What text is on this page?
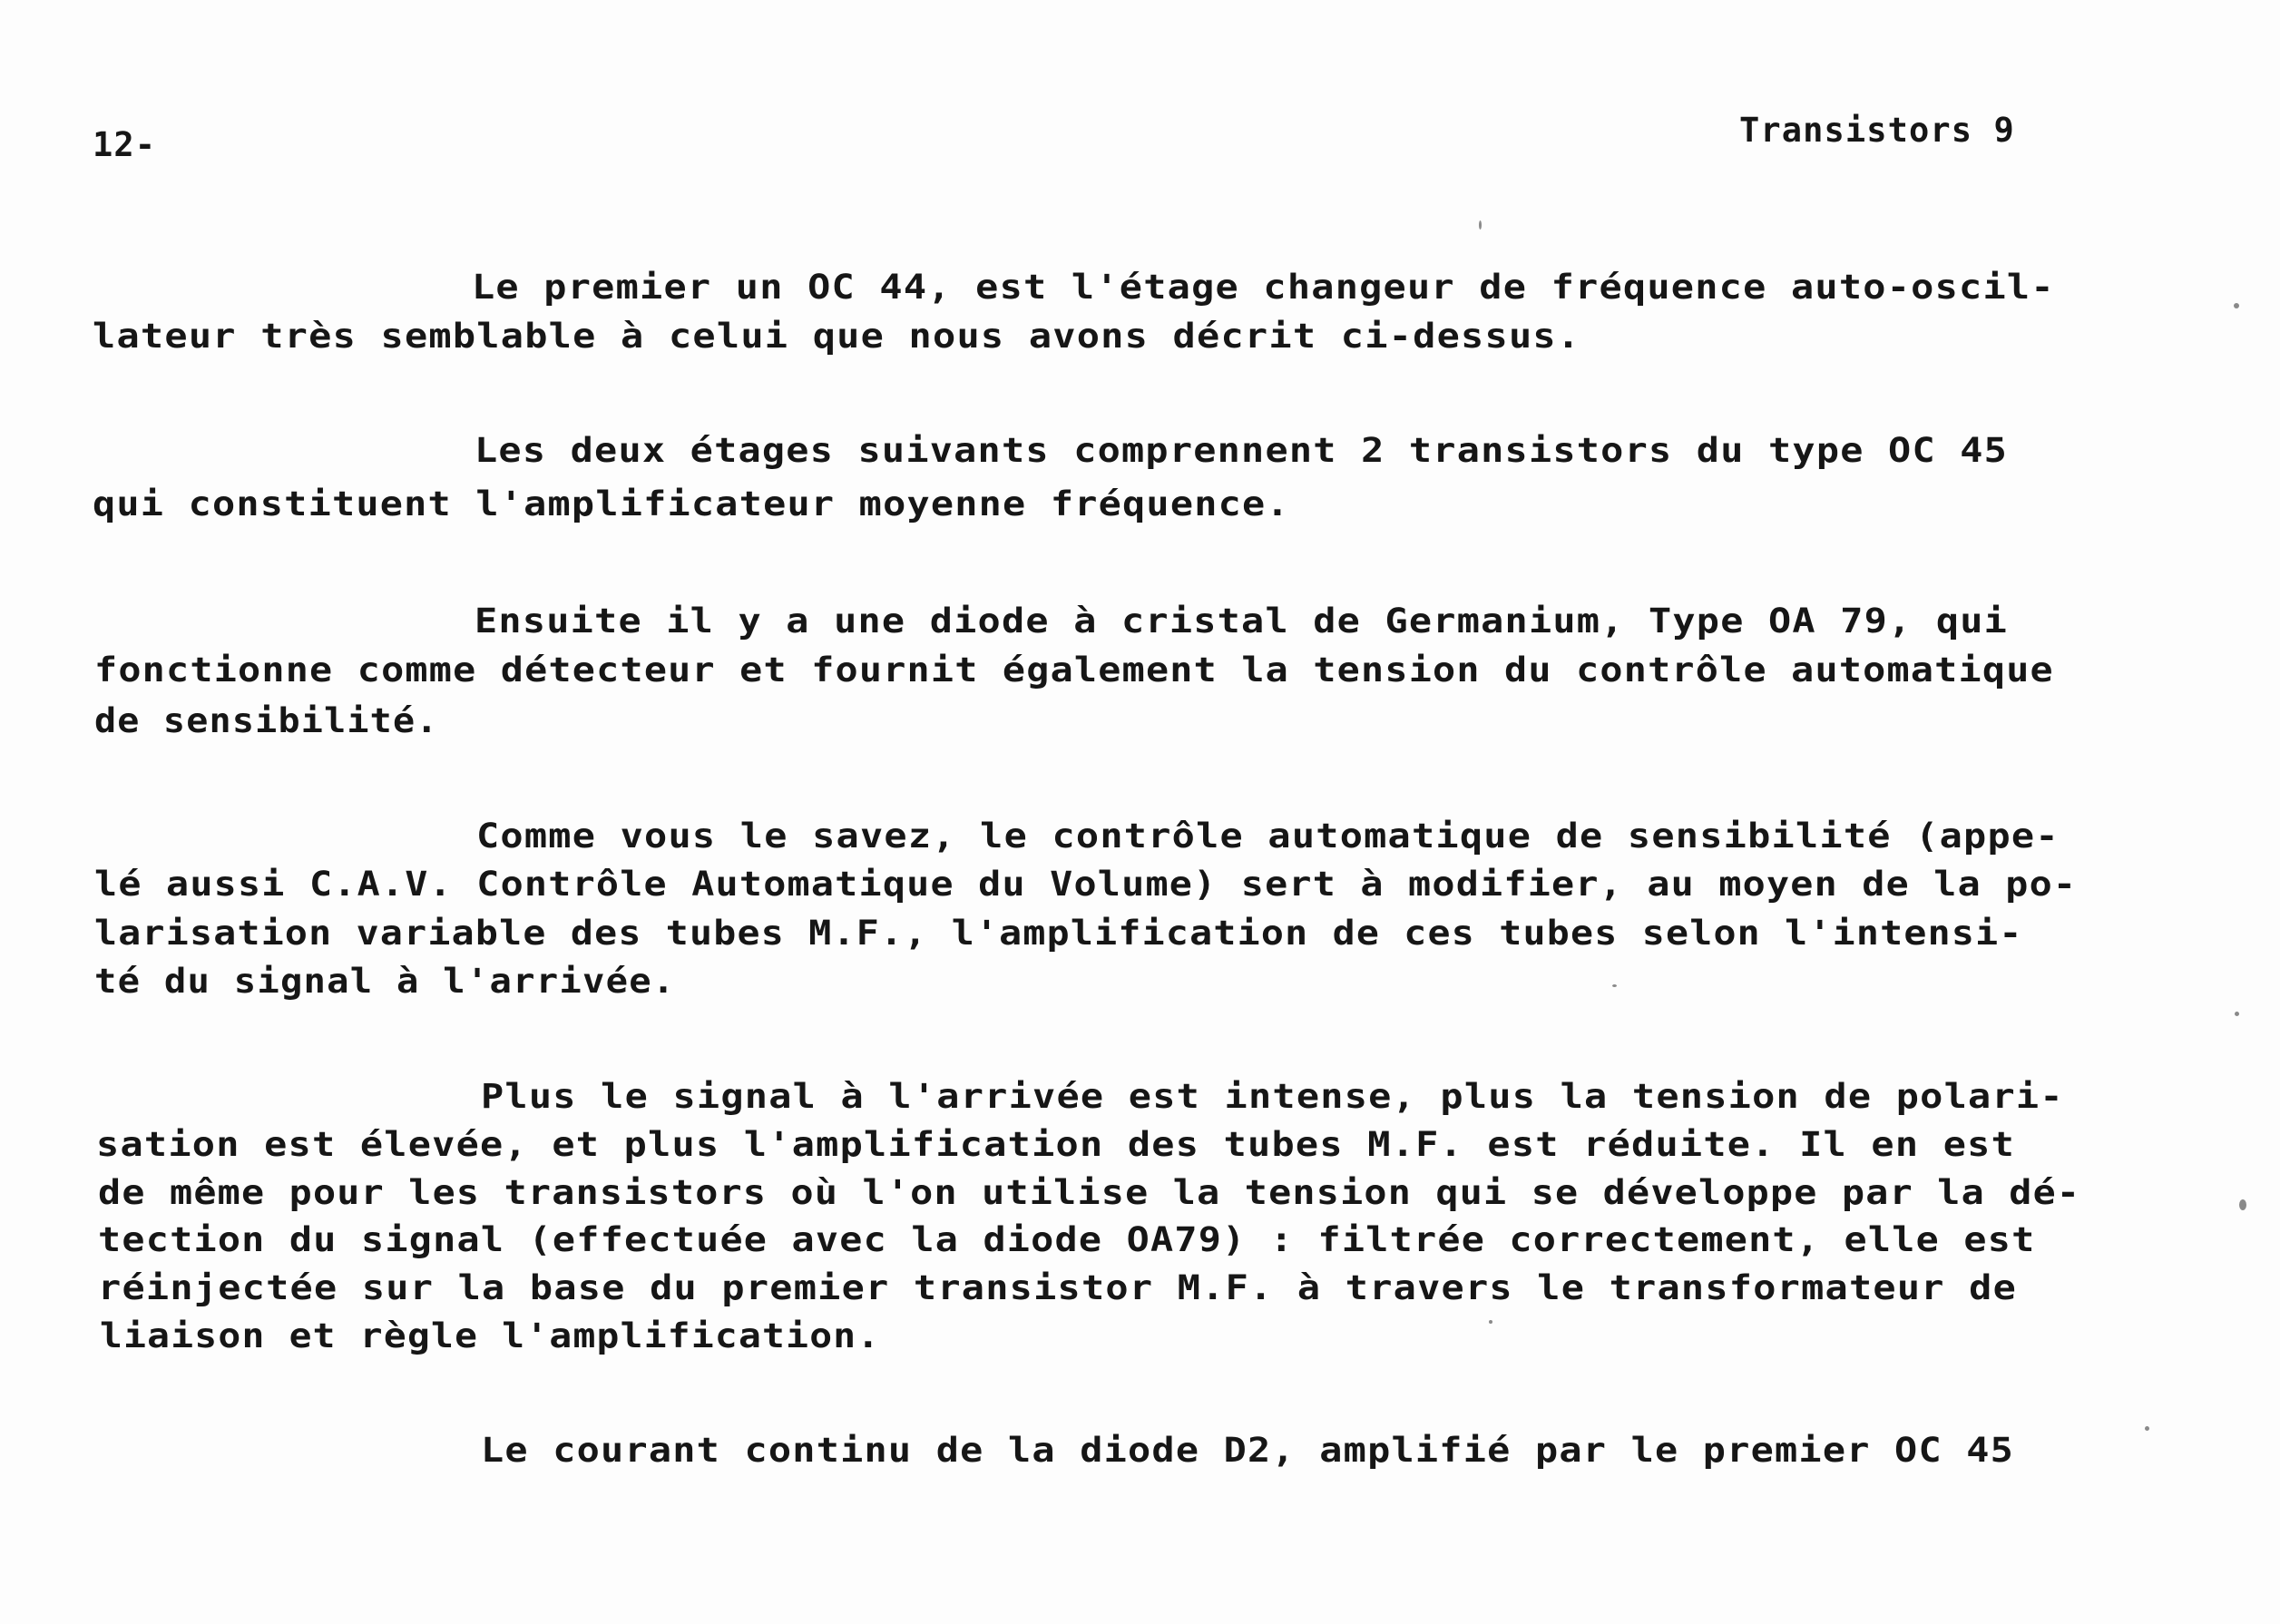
12-	Transistors 9
Le premier un OC 44, est l'étage changeur de fréquence auto-oscil-
lateur très semblable à celui que nous avons décrit ci-dessus.
Les deux étages suivants comprennent 2 transistors du type OC 45
qui constituent l'amplificateur moyenne fréquence.
Ensuite il y a une diode à cristal de Germanium, Type OA 79, qui
fonctionne comme détecteur et fournit également la tension du contrôle automatique
de sensibilité.
Comme vous le savez, le contrôle automatique de sensibilité (appe-
lé aussi C.A.V. Contrôle Automatique du Volume) sert à modifier, au moyen de la po-
larisation variable des tubes M.F., l'amplification de ces tubes selon l'intensi-
té du signal à l'arrivée.
Plus le signal à l'arrivée est intense, plus la tension de polari-
sation est élevée, et plus l'amplification des tubes M.F. est réduite. Il en est
de même pour les transistors où l'on utilise la tension qui se développe par la dé-
tection du signal (effectuée avec la diode OA79) : filtrée correctement, elle est
réinjectée sur la base du premier transistor M.F. à travers le transformateur de
liaison et règle l'amplification.
Le courant continu de la diode D2, amplifié par le premier OC 45
